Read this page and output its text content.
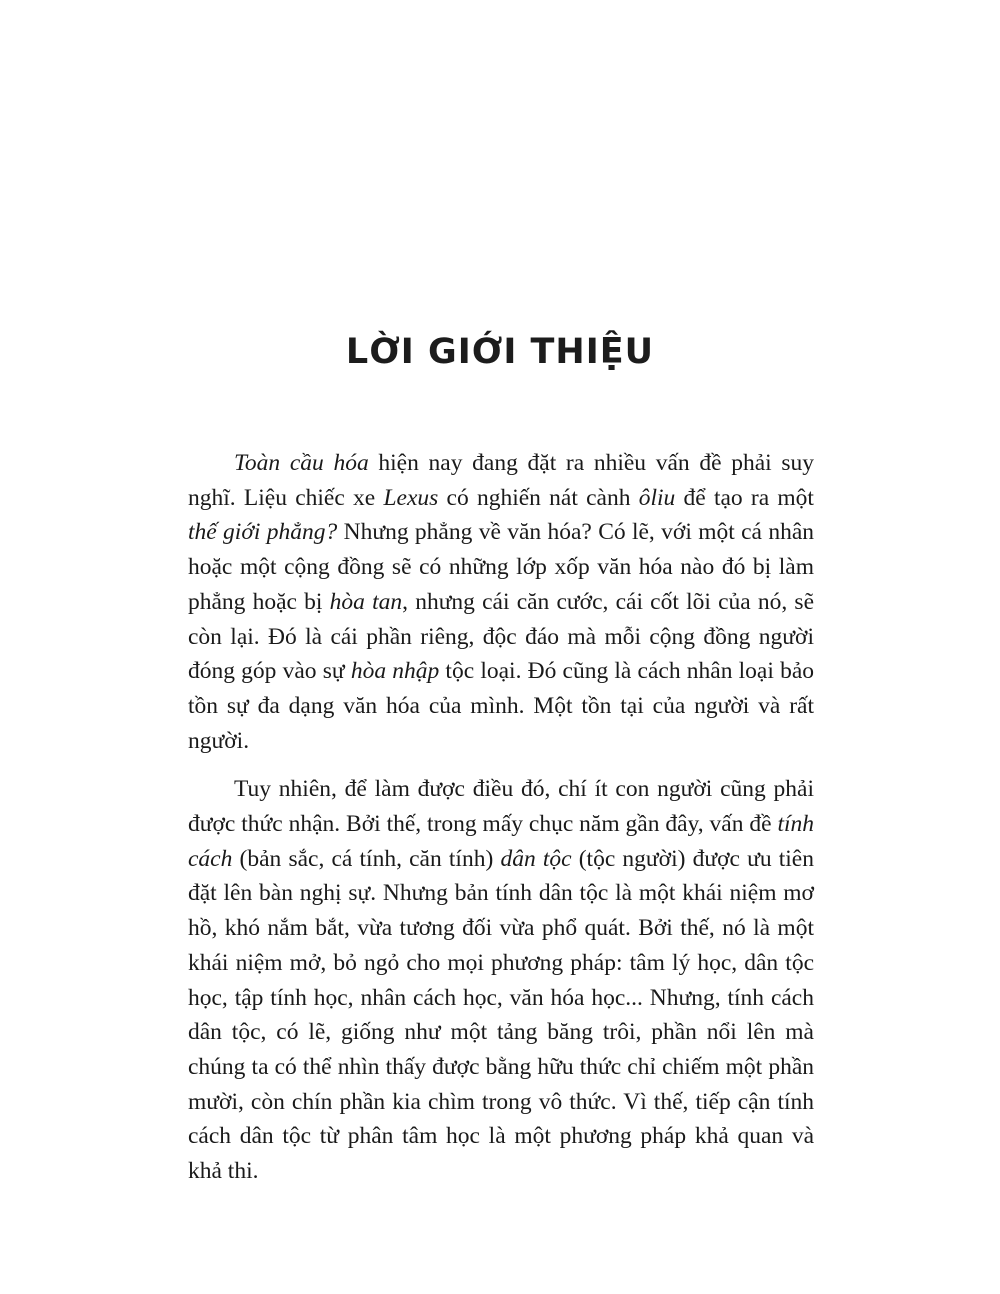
LỜI GIỚI THIỆU

Toàn cầu hóa hiện nay đang đặt ra nhiều vấn đề phải suy nghĩ. Liệu chiếc xe Lexus có nghiến nát cành ôliu để tạo ra một thế giới phẳng? Nhưng phẳng về văn hóa? Có lẽ, với một cá nhân hoặc một cộng đồng sẽ có những lớp xốp văn hóa nào đó bị làm phẳng hoặc bị hòa tan, nhưng cái căn cước, cái cốt lõi của nó, sẽ còn lại. Đó là cái phần riêng, độc đáo mà mỗi cộng đồng người đóng góp vào sự hòa nhập tộc loại. Đó cũng là cách nhân loại bảo tồn sự đa dạng văn hóa của mình. Một tồn tại của người và rất người.

Tuy nhiên, để làm được điều đó, chí ít con người cũng phải được thức nhận. Bởi thế, trong mấy chục năm gần đây, vấn đề tính cách (bản sắc, cá tính, căn tính) dân tộc (tộc người) được ưu tiên đặt lên bàn nghị sự. Nhưng bản tính dân tộc là một khái niệm mơ hồ, khó nắm bắt, vừa tương đối vừa phổ quát. Bởi thế, nó là một khái niệm mở, bỏ ngỏ cho mọi phương pháp: tâm lý học, dân tộc học, tập tính học, nhân cách học, văn hóa học... Nhưng, tính cách dân tộc, có lẽ, giống như một tảng băng trôi, phần nổi lên mà chúng ta có thể nhìn thấy được bằng hữu thức chỉ chiếm một phần mười, còn chín phần kia chìm trong vô thức. Vì thế, tiếp cận tính cách dân tộc từ phân tâm học là một phương pháp khả quan và khả thi.
